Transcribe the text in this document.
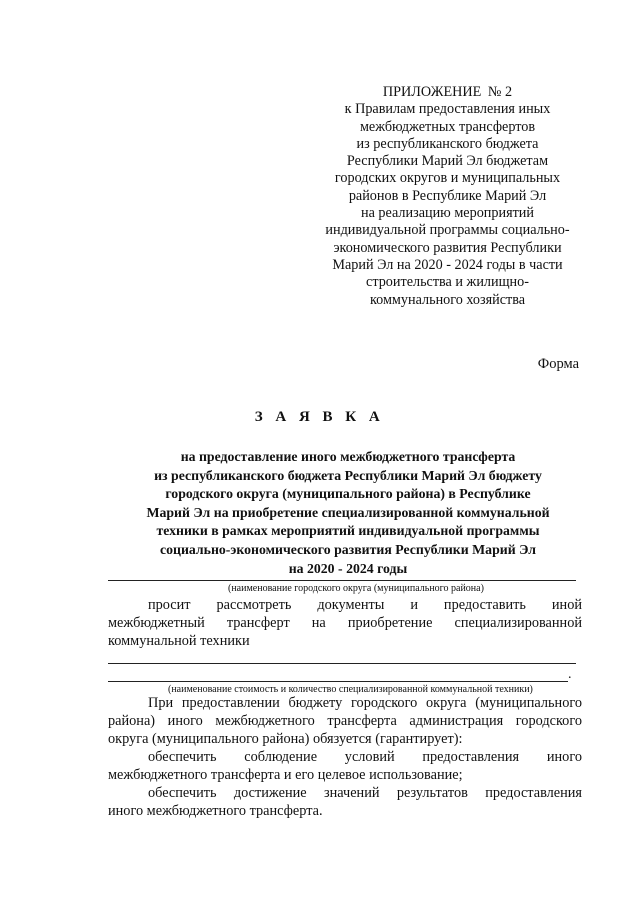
ПРИЛОЖЕНИЕ № 2
к Правилам предоставления иных
межбюджетных трансфертов
из республиканского бюджета
Республики Марий Эл бюджетам
городских округов и муниципальных
районов в Республике Марий Эл
на реализацию мероприятий
индивидуальной программы социально-
экономического развития Республики
Марий Эл на 2020 - 2024 годы в части
строительства и жилищно-
коммунального хозяйства
Форма
З А Я В К А
на предоставление иного межбюджетного трансферта
из республиканского бюджета Республики Марий Эл бюджету
городского округа (муниципального района) в Республике
Марий Эл на приобретение специализированной коммунальной
техники в рамках мероприятий индивидуальной программы
социально-экономического развития Республики Марий Эл
на 2020 - 2024 годы
(наименование городского округа (муниципального района)
просит рассмотреть документы и предоставить иной
межбюджетный трансферт на приобретение специализированной
коммунальной техники
.
(наименование стоимость и количество специализированной коммунальной техники)
При предоставлении бюджету городского округа (муниципального
района) иного межбюджетного трансферта администрация городского
округа (муниципального района) обязуется (гарантирует):
обеспечить соблюдение условий предоставления иного
межбюджетного трансферта и его целевое использование;
обеспечить достижение значений результатов предоставления
иного межбюджетного трансферта.
